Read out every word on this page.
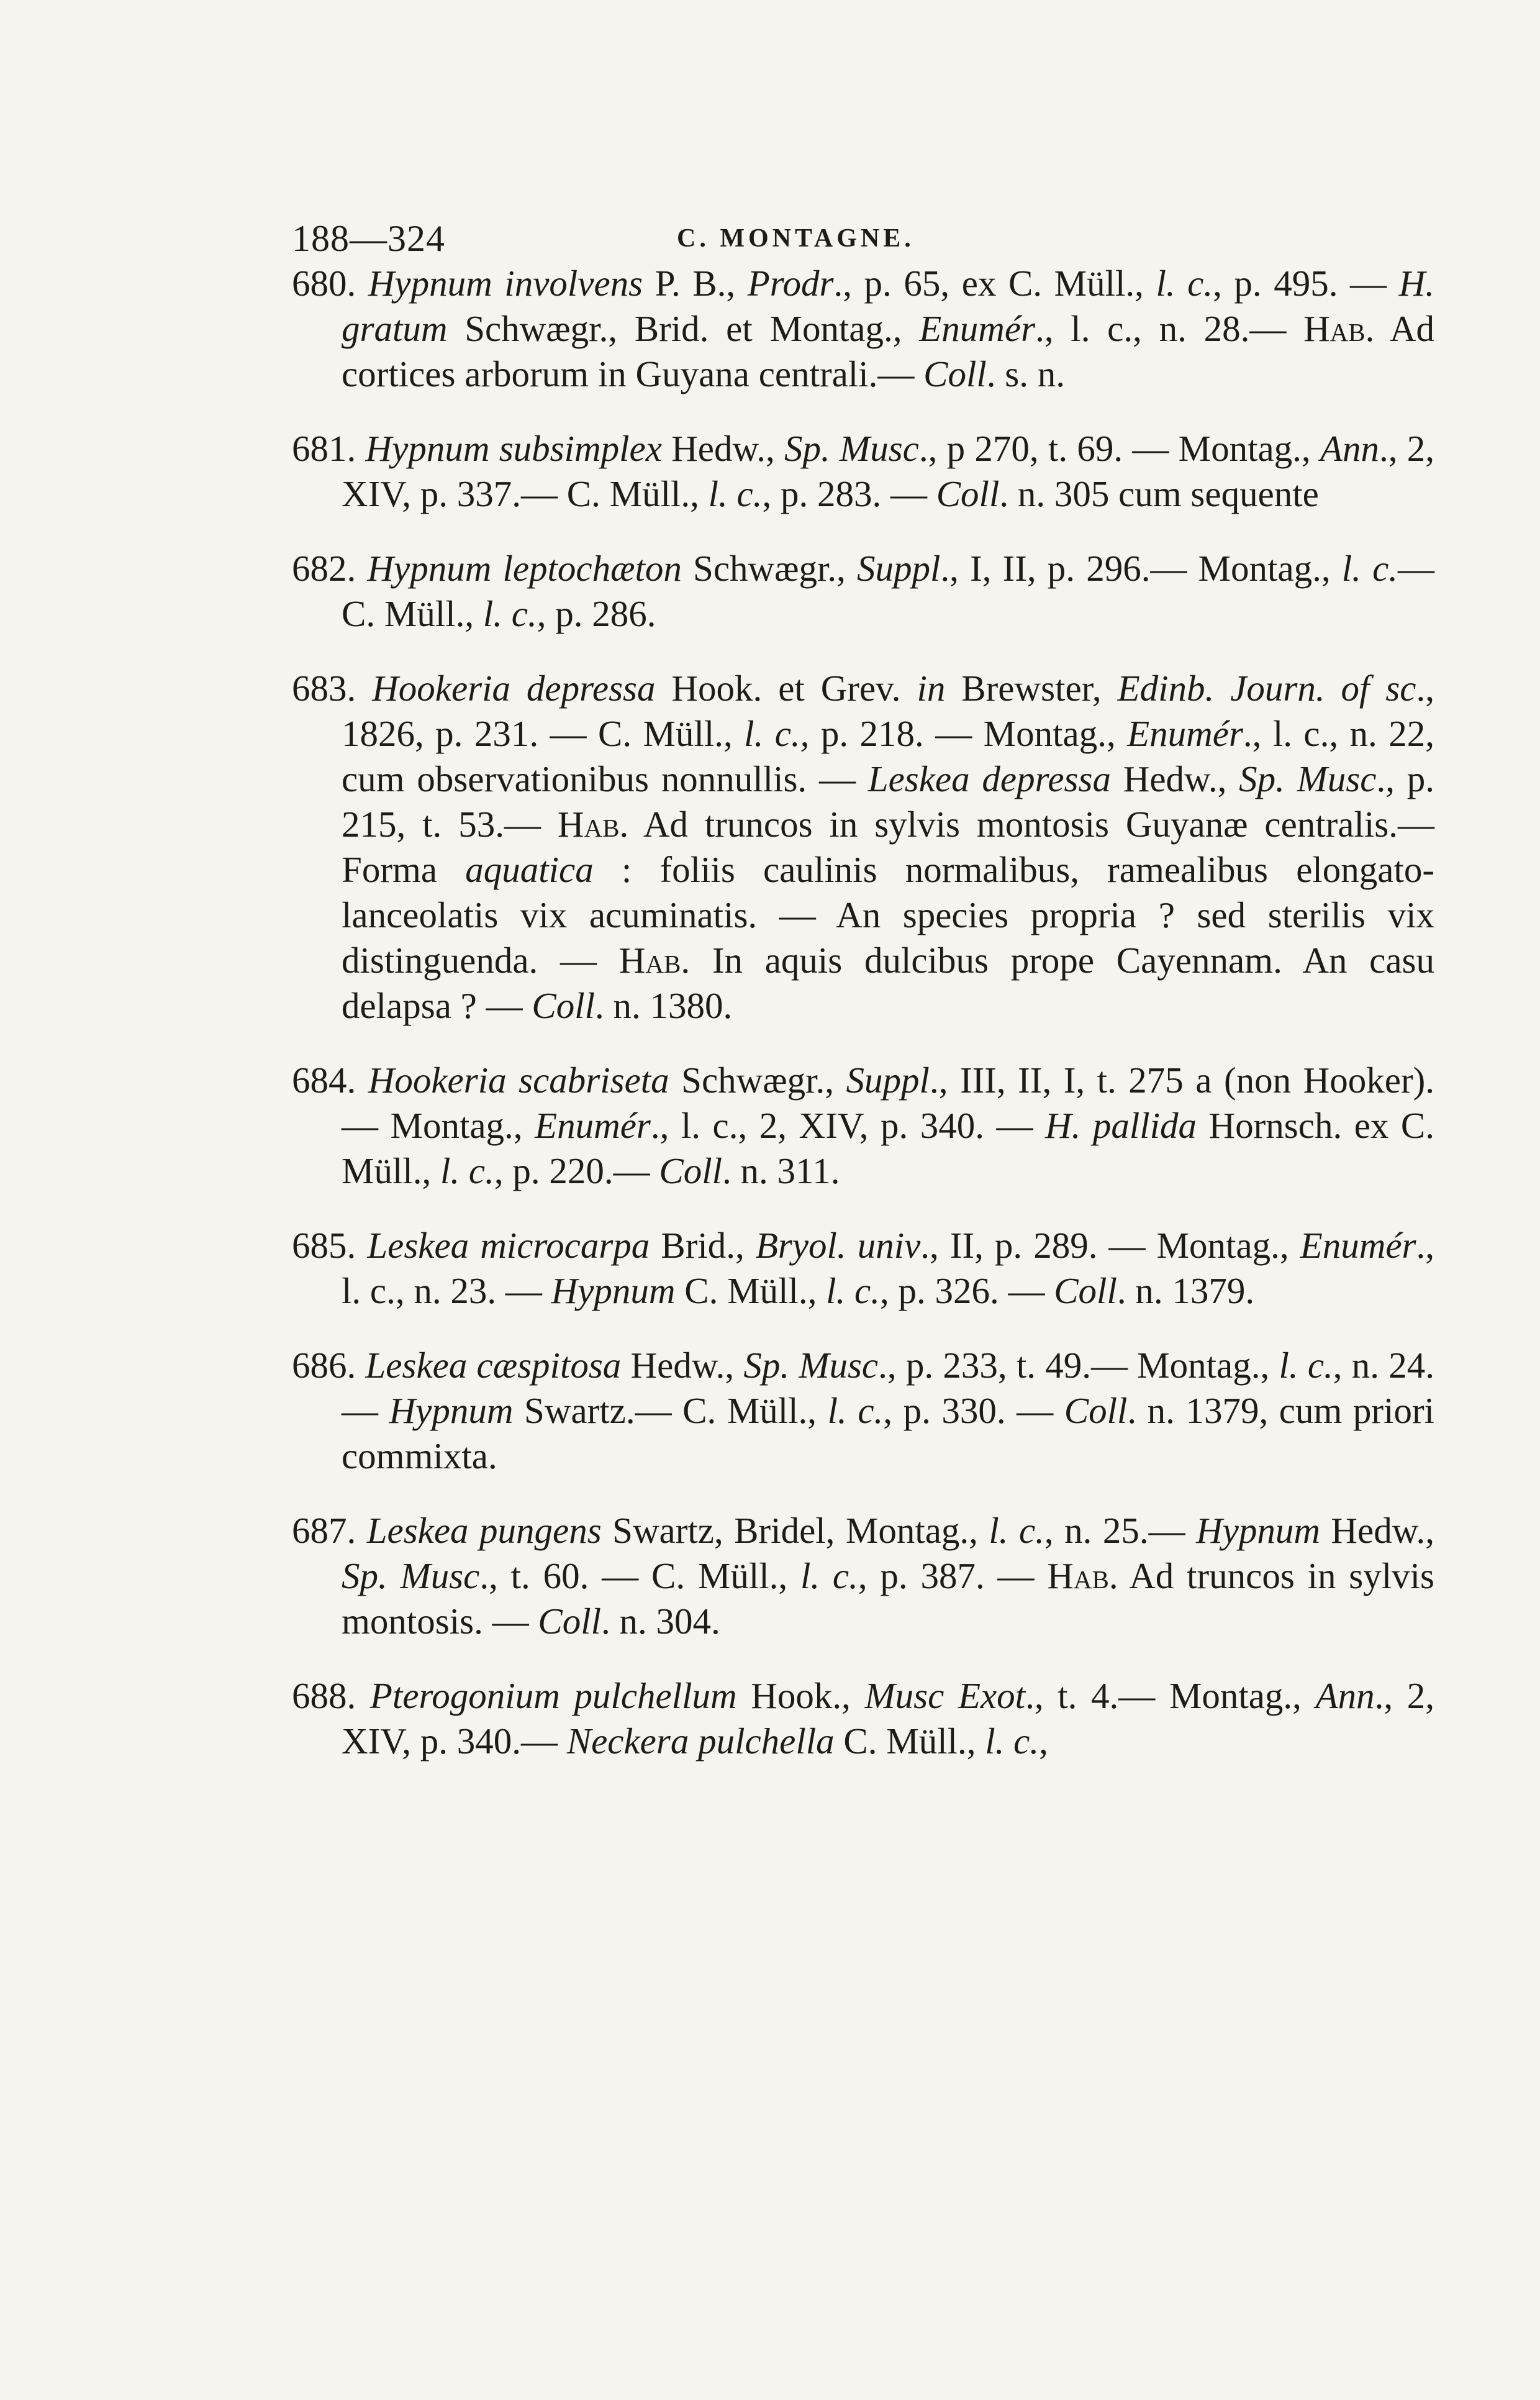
188—324	C. MONTAGNE.

680. Hypnum involvens P. B., Prodr., p. 65, ex C. Müll., l. c., p. 495. — H. gratum Schwægr., Brid. et Montag., Enumér., l. c., n. 28.— Hab. Ad cortices arborum in Guyana centrali.— Coll. s. n.

681. Hypnum subsimplex Hedw., Sp. Musc., p 270, t. 69. — Montag., Ann., 2, XIV, p. 337.— C. Müll., l. c., p. 283. — Coll. n. 305 cum sequente

682. Hypnum leptochæton Schwægr., Suppl., I, II, p. 296.— Montag., l. c.— C. Müll., l. c., p. 286.

683. Hookeria depressa Hook. et Grev. in Brewster, Edinb. Journ. of sc., 1826, p. 231. — C. Müll., l. c., p. 218. — Montag., Enumér., l. c., n. 22, cum observationibus nonnullis. — Leskea depressa Hedw., Sp. Musc., p. 215, t. 53.— Hab. Ad truncos in sylvis montosis Guyanæ centralis.— Forma aquatica : foliis caulinis normalibus, ramealibus elongato-lanceolatis vix acuminatis. — An species propria ? sed sterilis vix distinguenda. — Hab. In aquis dulcibus prope Cayennam. An casu delapsa ? — Coll. n. 1380.

684. Hookeria scabriseta Schwægr., Suppl., III, II, I, t. 275 a (non Hooker). — Montag., Enumér., l. c., 2, XIV, p. 340. — H. pallida Hornsch. ex C. Müll., l. c., p. 220.— Coll. n. 311.

685. Leskea microcarpa Brid., Bryol. univ., II, p. 289. — Montag., Enumér., l. c., n. 23. — Hypnum C. Müll., l. c., p. 326. — Coll. n. 1379.

686. Leskea cæspitosa Hedw., Sp. Musc., p. 233, t. 49.— Montag., l. c., n. 24.— Hypnum Swartz.— C. Müll., l. c., p. 330. — Coll. n. 1379, cum priori commixta.

687. Leskea pungens Swartz, Bridel, Montag., l. c., n. 25.— Hypnum Hedw., Sp. Musc., t. 60. — C. Müll., l. c., p. 387. — Hab. Ad truncos in sylvis montosis. — Coll. n. 304.

688. Pterogonium pulchellum Hook., Musc Exot., t. 4.— Montag., Ann., 2, XIV, p. 340.— Neckera pulchella C. Müll., l. c.,
